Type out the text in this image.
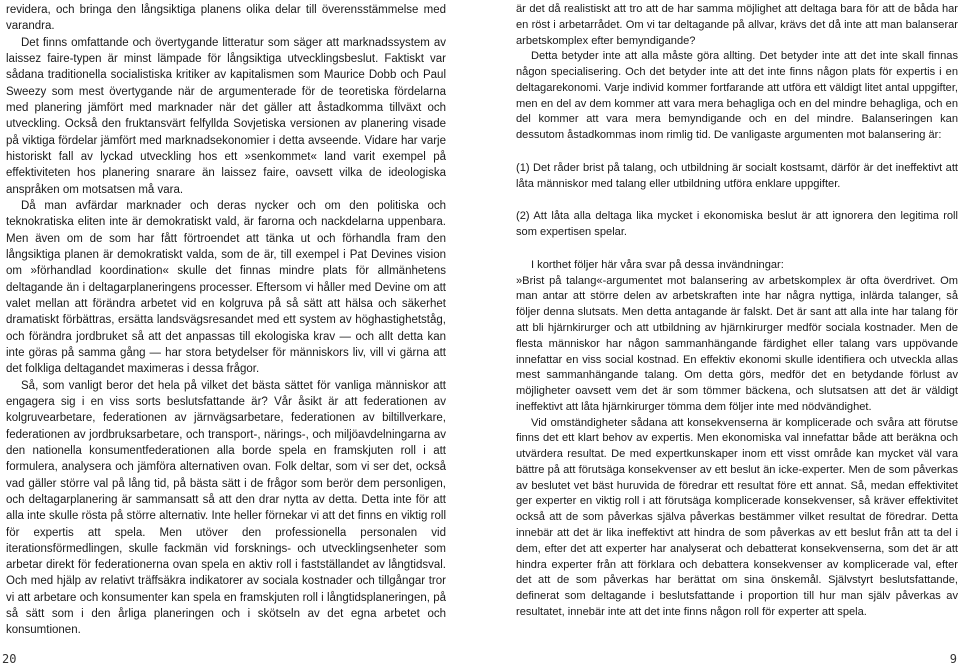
revidera, och bringa den långsiktiga planens olika delar till överensstämmelse med varandra.

Det finns omfattande och övertygande litteratur som säger att marknadssystem av laissez faire-typen är minst lämpade för långsiktiga utvecklingsbeslut. Faktiskt var sådana traditionella socialistiska kritiker av kapitalismen som Maurice Dobb och Paul Sweezy som mest övertygande när de argumenterade för de teoretiska fördelarna med planering jämfört med marknader när det gäller att åstadkomma tillväxt och utveckling. Också den fruktansvärt felfyllda Sovjetiska versionen av planering visade på viktiga fördelar jämfört med marknadsekonomier i detta avseende. Vidare har varje historiskt fall av lyckad utveckling hos ett »senkommet« land varit exempel på effektiviteten hos planering snarare än laissez faire, oavsett vilka de ideologiska anspråken om motsatsen må vara.

Då man avfärdar marknader och deras nycker och om den politiska och teknokratiska eliten inte är demokratiskt vald, är farorna och nackdelarna uppenbara. Men även om de som har fått förtroendet att tänka ut och förhandla fram den långsiktiga planen är demokratiskt valda, som de är, till exempel i Pat Devines vision om »förhandlad koordination« skulle det finnas mindre plats för allmänhetens deltagande än i deltagarplaneringens processer. Eftersom vi håller med Devine om att valet mellan att förändra arbetet vid en kolgruva på så sätt att hälsa och säkerhet dramatiskt förbättras, ersätta landsvägsresandet med ett system av höghastighetståg, och förändra jordbruket så att det anpassas till ekologiska krav — och allt detta kan inte göras på samma gång — har stora betydelser för människors liv, vill vi gärna att det folkliga deltagandet maximeras i dessa frågor.

Så, som vanligt beror det hela på vilket det bästa sättet för vanliga människor att engagera sig i en viss sorts beslutsfattande är? Vår åsikt är att federationen av kolgruvearbetare, federationen av järnvägsarbetare, federationen av biltillverkare, federationen av jordbruksarbetare, och transport-, närings-, och miljöavdelningarna av den nationella konsumentfederationen alla borde spela en framskjuten roll i att formulera, analysera och jämföra alternativen ovan. Folk deltar, som vi ser det, också vad gäller större val på lång tid, på bästa sätt i de frågor som berör dem personligen, och deltagarplanering är sammansatt så att den drar nytta av detta. Detta inte för att alla inte skulle rösta på större alternativ. Inte heller förnekar vi att det finns en viktig roll för expertis att spela. Men utöver den professionella personalen vid iterationsförmedlingen, skulle fackmän vid forsknings- och utvecklingsenheter som arbetar direkt för federationerna ovan spela en aktiv roll i fastställandet av långtidsval. Och med hjälp av relativt träffsäkra indikatorer av sociala kostnader och tillgångar tror vi att arbetare och konsumenter kan spela en framskjuten roll i långtidsplaneringen, på så sätt som i den årliga planeringen och i skötseln av det egna arbetet och konsumtionen.

20

är det då realistiskt att tro att de har samma möjlighet att deltaga bara för att de båda har en röst i arbetarrådet. Om vi tar deltagande på allvar, krävs det då inte att man balanserar arbetskomplex efter bemyndigande?

Detta betyder inte att alla måste göra allting. Det betyder inte att det inte skall finnas någon specialisering. Och det betyder inte att det inte finns någon plats för expertis i en deltagarekonomi. Varje individ kommer fortfarande att utföra ett väldigt litet antal uppgifter, men en del av dem kommer att vara mera behagliga och en del mindre behagliga, och en del kommer att vara mera bemyndigande och en del mindre. Balanseringen kan dessutom åstadkommas inom rimlig tid. De vanligaste argumenten mot balansering är:

(1) Det råder brist på talang, och utbildning är socialt kostsamt, därför är det ineffektivt att låta människor med talang eller utbildning utföra enklare uppgifter.

(2) Att låta alla deltaga lika mycket i ekonomiska beslut är att ignorera den legitima roll som expertisen spelar.

I korthet följer här våra svar på dessa invändningar:

»Brist på talang«-argumentet mot balansering av arbetskomplex är ofta överdrivet. Om man antar att större delen av arbetskraften inte har några nyttiga, inlärda talanger, så följer denna slutsats. Men detta antagande är falskt. Det är sant att alla inte har talang för att bli hjärnkirurger och att utbildning av hjärnkirurger medför sociala kostnader. Men de flesta människor har någon sammanhängande färdighet eller talang vars uppövande innefattar en viss social kostnad. En effektiv ekonomi skulle identifiera och utveckla allas mest sammanhängande talang. Om detta görs, medför det en betydande förlust av möjligheter oavsett vem det är som tömmer bäckena, och slutsatsen att det är väldigt ineffektivt att låta hjärnkirurger tömma dem följer inte med nödvändighet.

Vid omständigheter sådana att konsekvenserna är komplicerade och svåra att förutse finns det ett klart behov av expertis. Men ekonomiska val innefattar både att beräkna och utvärdera resultat. De med expertkunskaper inom ett visst område kan mycket väl vara bättre på att förutsäga konsekvenser av ett beslut än icke-experter. Men de som påverkas av beslutet vet bäst huruvida de föredrar ett resultat före ett annat. Så, medan effektivitet ger experter en viktig roll i att förutsäga komplicerade konsekvenser, så kräver effektivitet också att de som påverkas själva påverkas bestämmer vilket resultat de föredrar. Detta innebär att det är lika ineffektivt att hindra de som påverkas av ett beslut från att ta del i dem, efter det att experter har analyserat och debatterat konsekvenserna, som det är att hindra experter från att förklara och debattera konsekvenser av komplicerade val, efter det att de som påverkas har berättat om sina önskemål. Självstyrt beslutsfattande, definerat som deltagande i beslutsfattande i proportion till hur man själv påverkas av resultatet, innebär inte att det inte finns någon roll för experter att spela.

9
